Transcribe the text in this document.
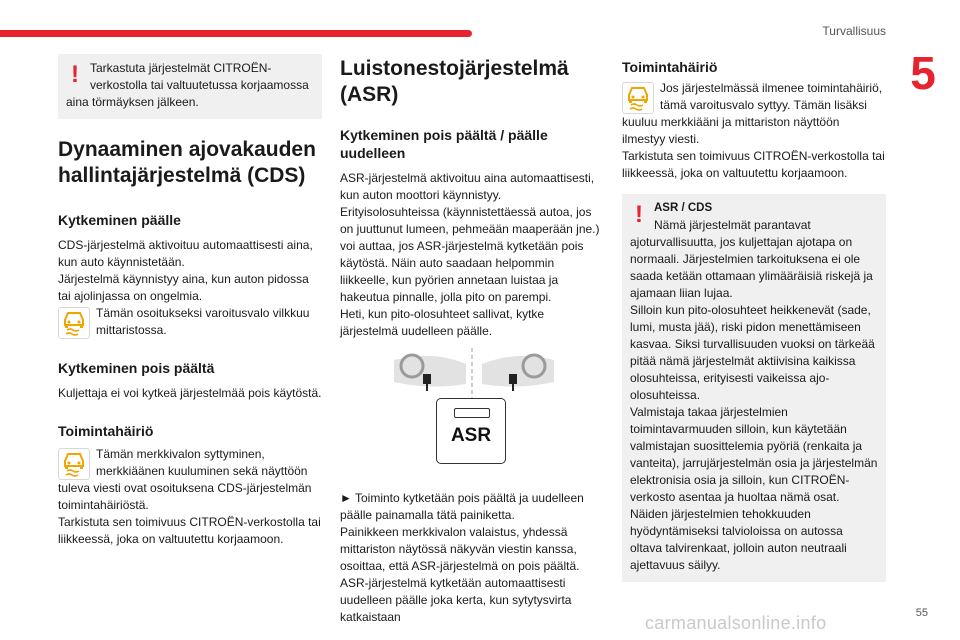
Turvallisuus
5
! Tarkastuta järjestelmät CITROËN-verkostolla tai valtuutetussa korjaamossa aina törmäyksen jälkeen.

Dynaaminen ajovakauden hallintajärjestelmä (CDS)
Kytkeminen päälle

CDS-järjestelmä aktivoituu automaattisesti aina, kun auto käynnistetään.

Järjestelmä käynnistyy aina, kun auton pidossa tai ajolinjassa on ongelmia.

Tämän osoitukseksi varoitusvalo vilkkuu mittaristossa.

Kytkeminen pois päältä

Kuljettaja ei voi kytkeä järjestelmää pois käytöstä.

Toimintahäiriö

Tämän merkkivalon syttyminen, merkkiäänen kuuluminen sekä näyttöön tuleva viesti ovat osoituksena CDS-järjestelmän toimintahäiriöstä.

Tarkistuta sen toimivuus CITROËN-verkostolla tai liikkeessä, joka on valtuutettu korjaamoon.

Luistonestojärjestelmä (ASR)
Kytkeminen pois päältä / päälle uudelleen

ASR-järjestelmä aktivoituu aina automaattisesti, kun auton moottori käynnistyy.

Erityisolosuhteissa (käynnistettäessä autoa, jos on juuttunut lumeen, pehmeään maaperään jne.) voi auttaa, jos ASR-järjestelmä kytketään pois käytöstä. Näin auto saadaan helpommin liikkeelle, kun pyörien annetaan luistaa ja hakeutua pinnalle, jolla pito on parempi.

Heti, kun pito-olosuhteet sallivat, kytke järjestelmä uudelleen päälle.

ASR

► Toiminto kytketään pois päältä ja uudelleen päälle painamalla tätä painiketta.

Painikkeen merkkivalon valaistus, yhdessä mittariston näytössä näkyvän viestin kanssa, osoittaa, että ASR-järjestelmä on pois päältä.

ASR-järjestelmä kytketään automaattisesti uudelleen päälle joka kerta, kun sytytysvirta katkaistaan

Toimintahäiriö

Jos järjestelmässä ilmenee toimintahäiriö, tämä varoitusvalo syttyy. Tämän lisäksi kuuluu merkkiääni ja mittariston näyttöön ilmestyy viesti.

Tarkistuta sen toimivuus CITROËN-verkostolla tai liikkeessä, joka on valtuutettu korjaamoon.

! ASR / CDS

Nämä järjestelmät parantavat ajoturvallisuutta, jos kuljettajan ajotapa on normaali. Järjestelmien tarkoituksena ei ole saada ketään ottamaan ylimääräisiä riskejä ja ajamaan liian lujaa.

Silloin kun pito-olosuhteet heikkenevät (sade, lumi, musta jää), riski pidon menettämiseen kasvaa. Siksi turvallisuuden vuoksi on tärkeää pitää nämä järjestelmät aktiivisina kaikissa olosuhteissa, erityisesti vaikeissa ajo-olosuhteissa.

Valmistaja takaa järjestelmien toimintavarmuuden silloin, kun käytetään valmistajan suosittelemia pyöriä (renkaita ja vanteita), jarrujärjestelmän osia ja järjestelmän elektronisia osia ja silloin, kun CITROËN-verkosto asentaa ja huoltaa nämä osat.

Näiden järjestelmien tehokkuuden hyödyntämiseksi talvioloissa on autossa oltava talvirenkaat, jolloin auton neutraali ajettavuus säilyy.

carmanualsonline.info	55
